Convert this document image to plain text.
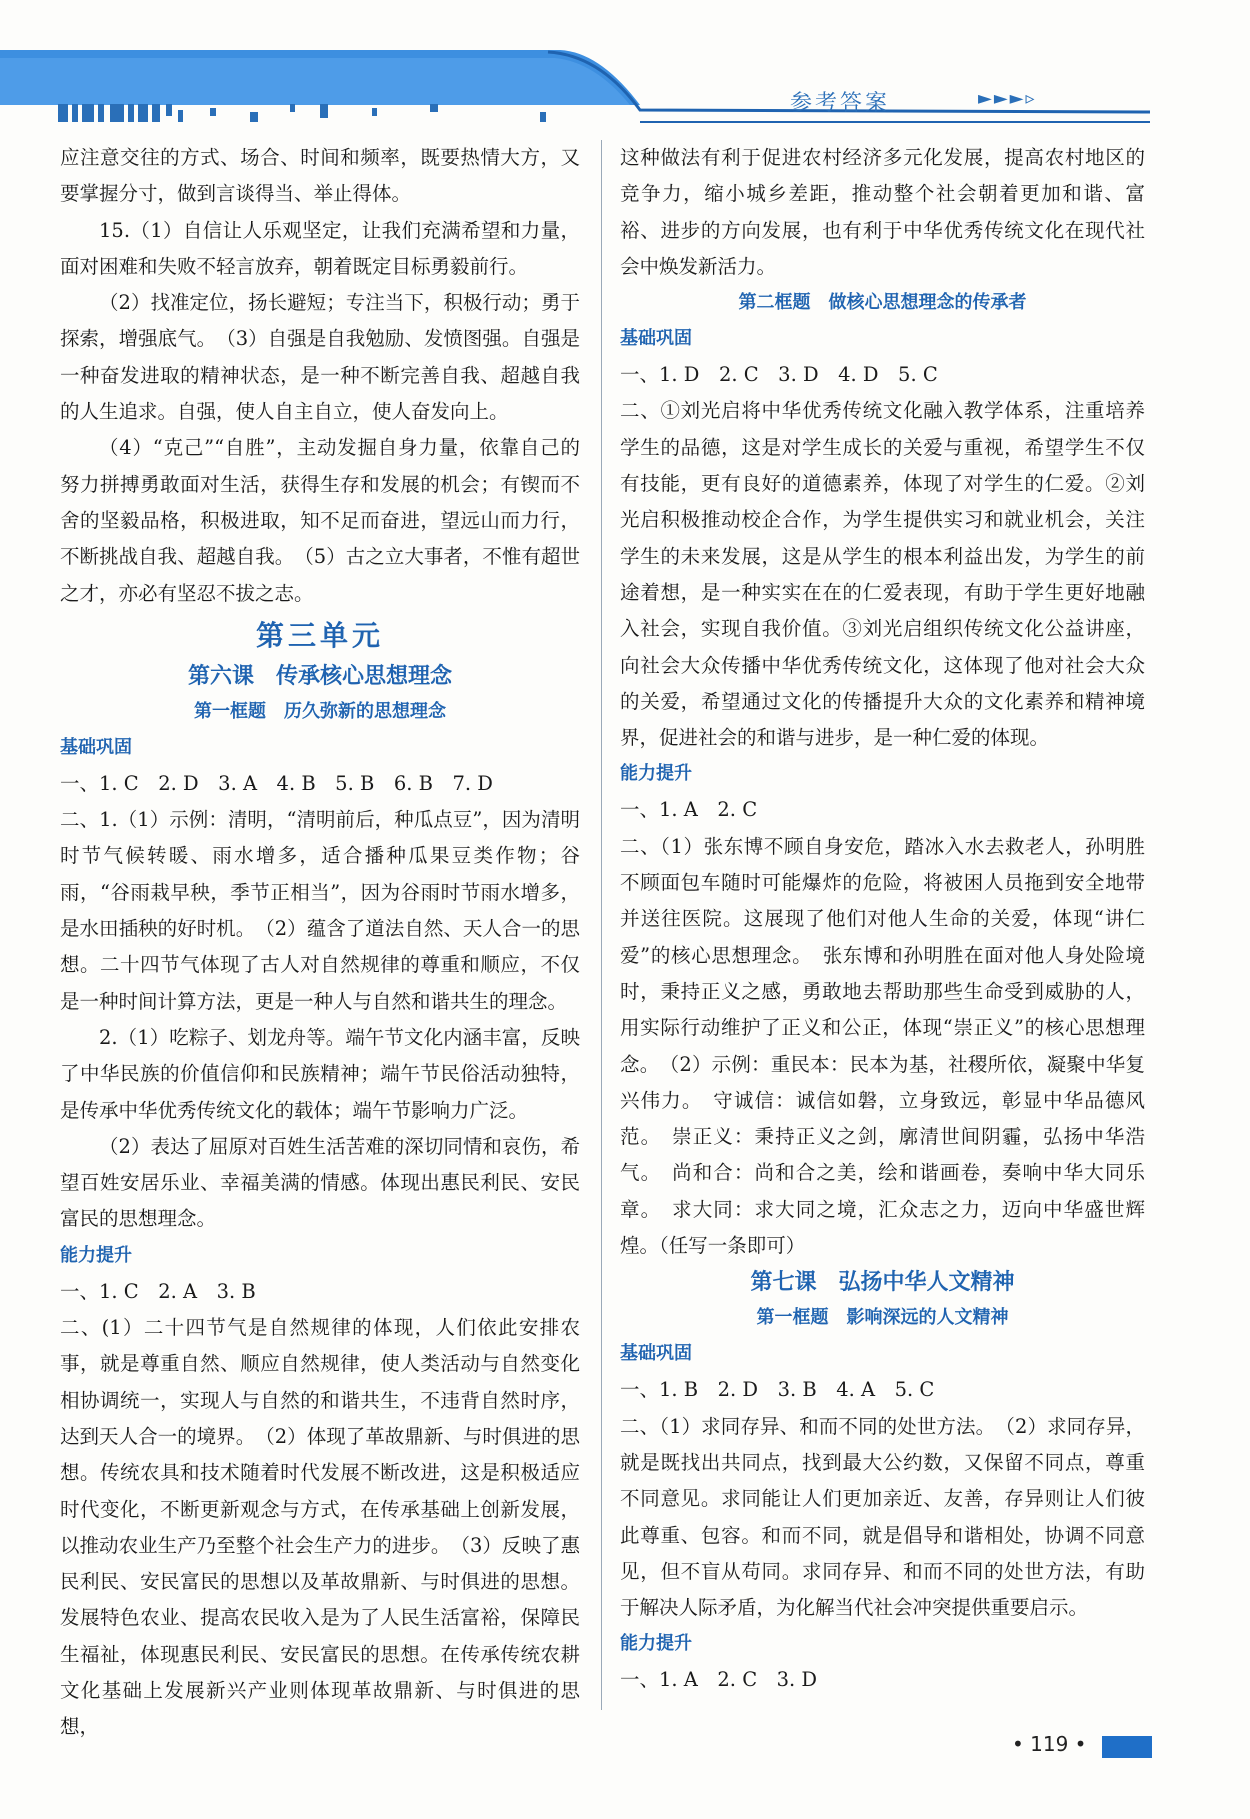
参考答案	►►►▹

应注意交往的方式、场合、时间和频率，既要热情大方，又要掌握分寸，做到言谈得当、举止得体。

15.（1）自信让人乐观坚定，让我们充满希望和力量，面对困难和失败不轻言放弃，朝着既定目标勇毅前行。

（2）找准定位，扬长避短；专注当下，积极行动；勇于探索，增强底气。　（3）自强是自我勉励、发愤图强。自强是一种奋发进取的精神状态，是一种不断完善自我、超越自我的人生追求。自强，使人自主自立，使人奋发向上。

（4）“克己”“自胜”，主动发掘自身力量，依靠自己的努力拼搏勇敢面对生活，获得生存和发展的机会；有锲而不舍的坚毅品格，积极进取，知不足而奋进，望远山而力行，不断挑战自我、超越自我。　（5）古之立大事者，不惟有超世之才，亦必有坚忍不拔之志。

第三单元

第六课　传承核心思想理念

第一框题　历久弥新的思想理念

基础巩固

一、1. C　2. D　3. A　4. B　5. B　6. B　7. D

二、1.（1）示例：清明，“清明前后，种瓜点豆”，因为清明时节气候转暖、雨水增多，适合播种瓜果豆类作物；谷雨，“谷雨栽早秧，季节正相当”，因为谷雨时节雨水增多，是水田插秧的好时机。　（2）蕴含了道法自然、天人合一的思想。二十四节气体现了古人对自然规律的尊重和顺应，不仅是一种时间计算方法，更是一种人与自然和谐共生的理念。

2.（1）吃粽子、划龙舟等。端午节文化内涵丰富，反映了中华民族的价值信仰和民族精神；端午节民俗活动独特，是传承中华优秀传统文化的载体；端午节影响力广泛。

（2）表达了屈原对百姓生活苦难的深切同情和哀伤，希望百姓安居乐业、幸福美满的情感。体现出惠民利民、安民富民的思想理念。

能力提升

一、1. C　2. A　3. B

二、(1）二十四节气是自然规律的体现，人们依此安排农事，就是尊重自然、顺应自然规律，使人类活动与自然变化相协调统一，实现人与自然的和谐共生，不违背自然时序，达到天人合一的境界。　（2）体现了革故鼎新、与时俱进的思想。传统农具和技术随着时代发展不断改进，这是积极适应时代变化，不断更新观念与方式，在传承基础上创新发展，以推动农业生产乃至整个社会生产力的进步。　（3）反映了惠民利民、安民富民的思想以及革故鼎新、与时俱进的思想。发展特色农业、提高农民收入是为了人民生活富裕，保障民生福祉，体现惠民利民、安民富民的思想。在传承传统农耕文化基础上发展新兴产业则体现革故鼎新、与时俱进的思想，

这种做法有利于促进农村经济多元化发展，提高农村地区的竞争力，缩小城乡差距，推动整个社会朝着更加和谐、富裕、进步的方向发展，也有利于中华优秀传统文化在现代社会中焕发新活力。

第二框题　做核心思想理念的传承者

基础巩固

一、1. D　2. C　3. D　4. D　5. C

二、①刘光启将中华优秀传统文化融入教学体系，注重培养学生的品德，这是对学生成长的关爱与重视，希望学生不仅有技能，更有良好的道德素养，体现了对学生的仁爱。②刘光启积极推动校企合作，为学生提供实习和就业机会，关注学生的未来发展，这是从学生的根本利益出发，为学生的前途着想，是一种实实在在的仁爱表现，有助于学生更好地融入社会，实现自我价值。③刘光启组织传统文化公益讲座，向社会大众传播中华优秀传统文化，这体现了他对社会大众的关爱，希望通过文化的传播提升大众的文化素养和精神境界，促进社会的和谐与进步，是一种仁爱的体现。

能力提升

一、1. A　2. C

二、（1）张东博不顾自身安危，踏冰入水去救老人，孙明胜不顾面包车随时可能爆炸的危险，将被困人员拖到安全地带并送往医院。这展现了他们对他人生命的关爱，体现“讲仁爱”的核心思想理念。　张东博和孙明胜在面对他人身处险境时，秉持正义之感，勇敢地去帮助那些生命受到威胁的人，用实际行动维护了正义和公正，体现“崇正义”的核心思想理念。　（2）示例：重民本：民本为基，社稷所依，凝聚中华复兴伟力。　守诚信：诚信如磐，立身致远，彰显中华品德风范。　崇正义：秉持正义之剑，廓清世间阴霾，弘扬中华浩气。　尚和合：尚和合之美，绘和谐画卷，奏响中华大同乐章。　求大同：求大同之境，汇众志之力，迈向中华盛世辉煌。（任写一条即可）

第七课　弘扬中华人文精神

第一框题　影响深远的人文精神

基础巩固

一、1. B　2. D　3. B　4. A　5. C

二、（1）求同存异、和而不同的处世方法。　（2）求同存异，就是既找出共同点，找到最大公约数，又保留不同点，尊重不同意见。求同能让人们更加亲近、友善，存异则让人们彼此尊重、包容。和而不同，就是倡导和谐相处，协调不同意见，但不盲从苟同。求同存异、和而不同的处世方法，有助于解决人际矛盾，为化解当代社会冲突提供重要启示。

能力提升

一、1. A　2. C　3. D

• 119 •
